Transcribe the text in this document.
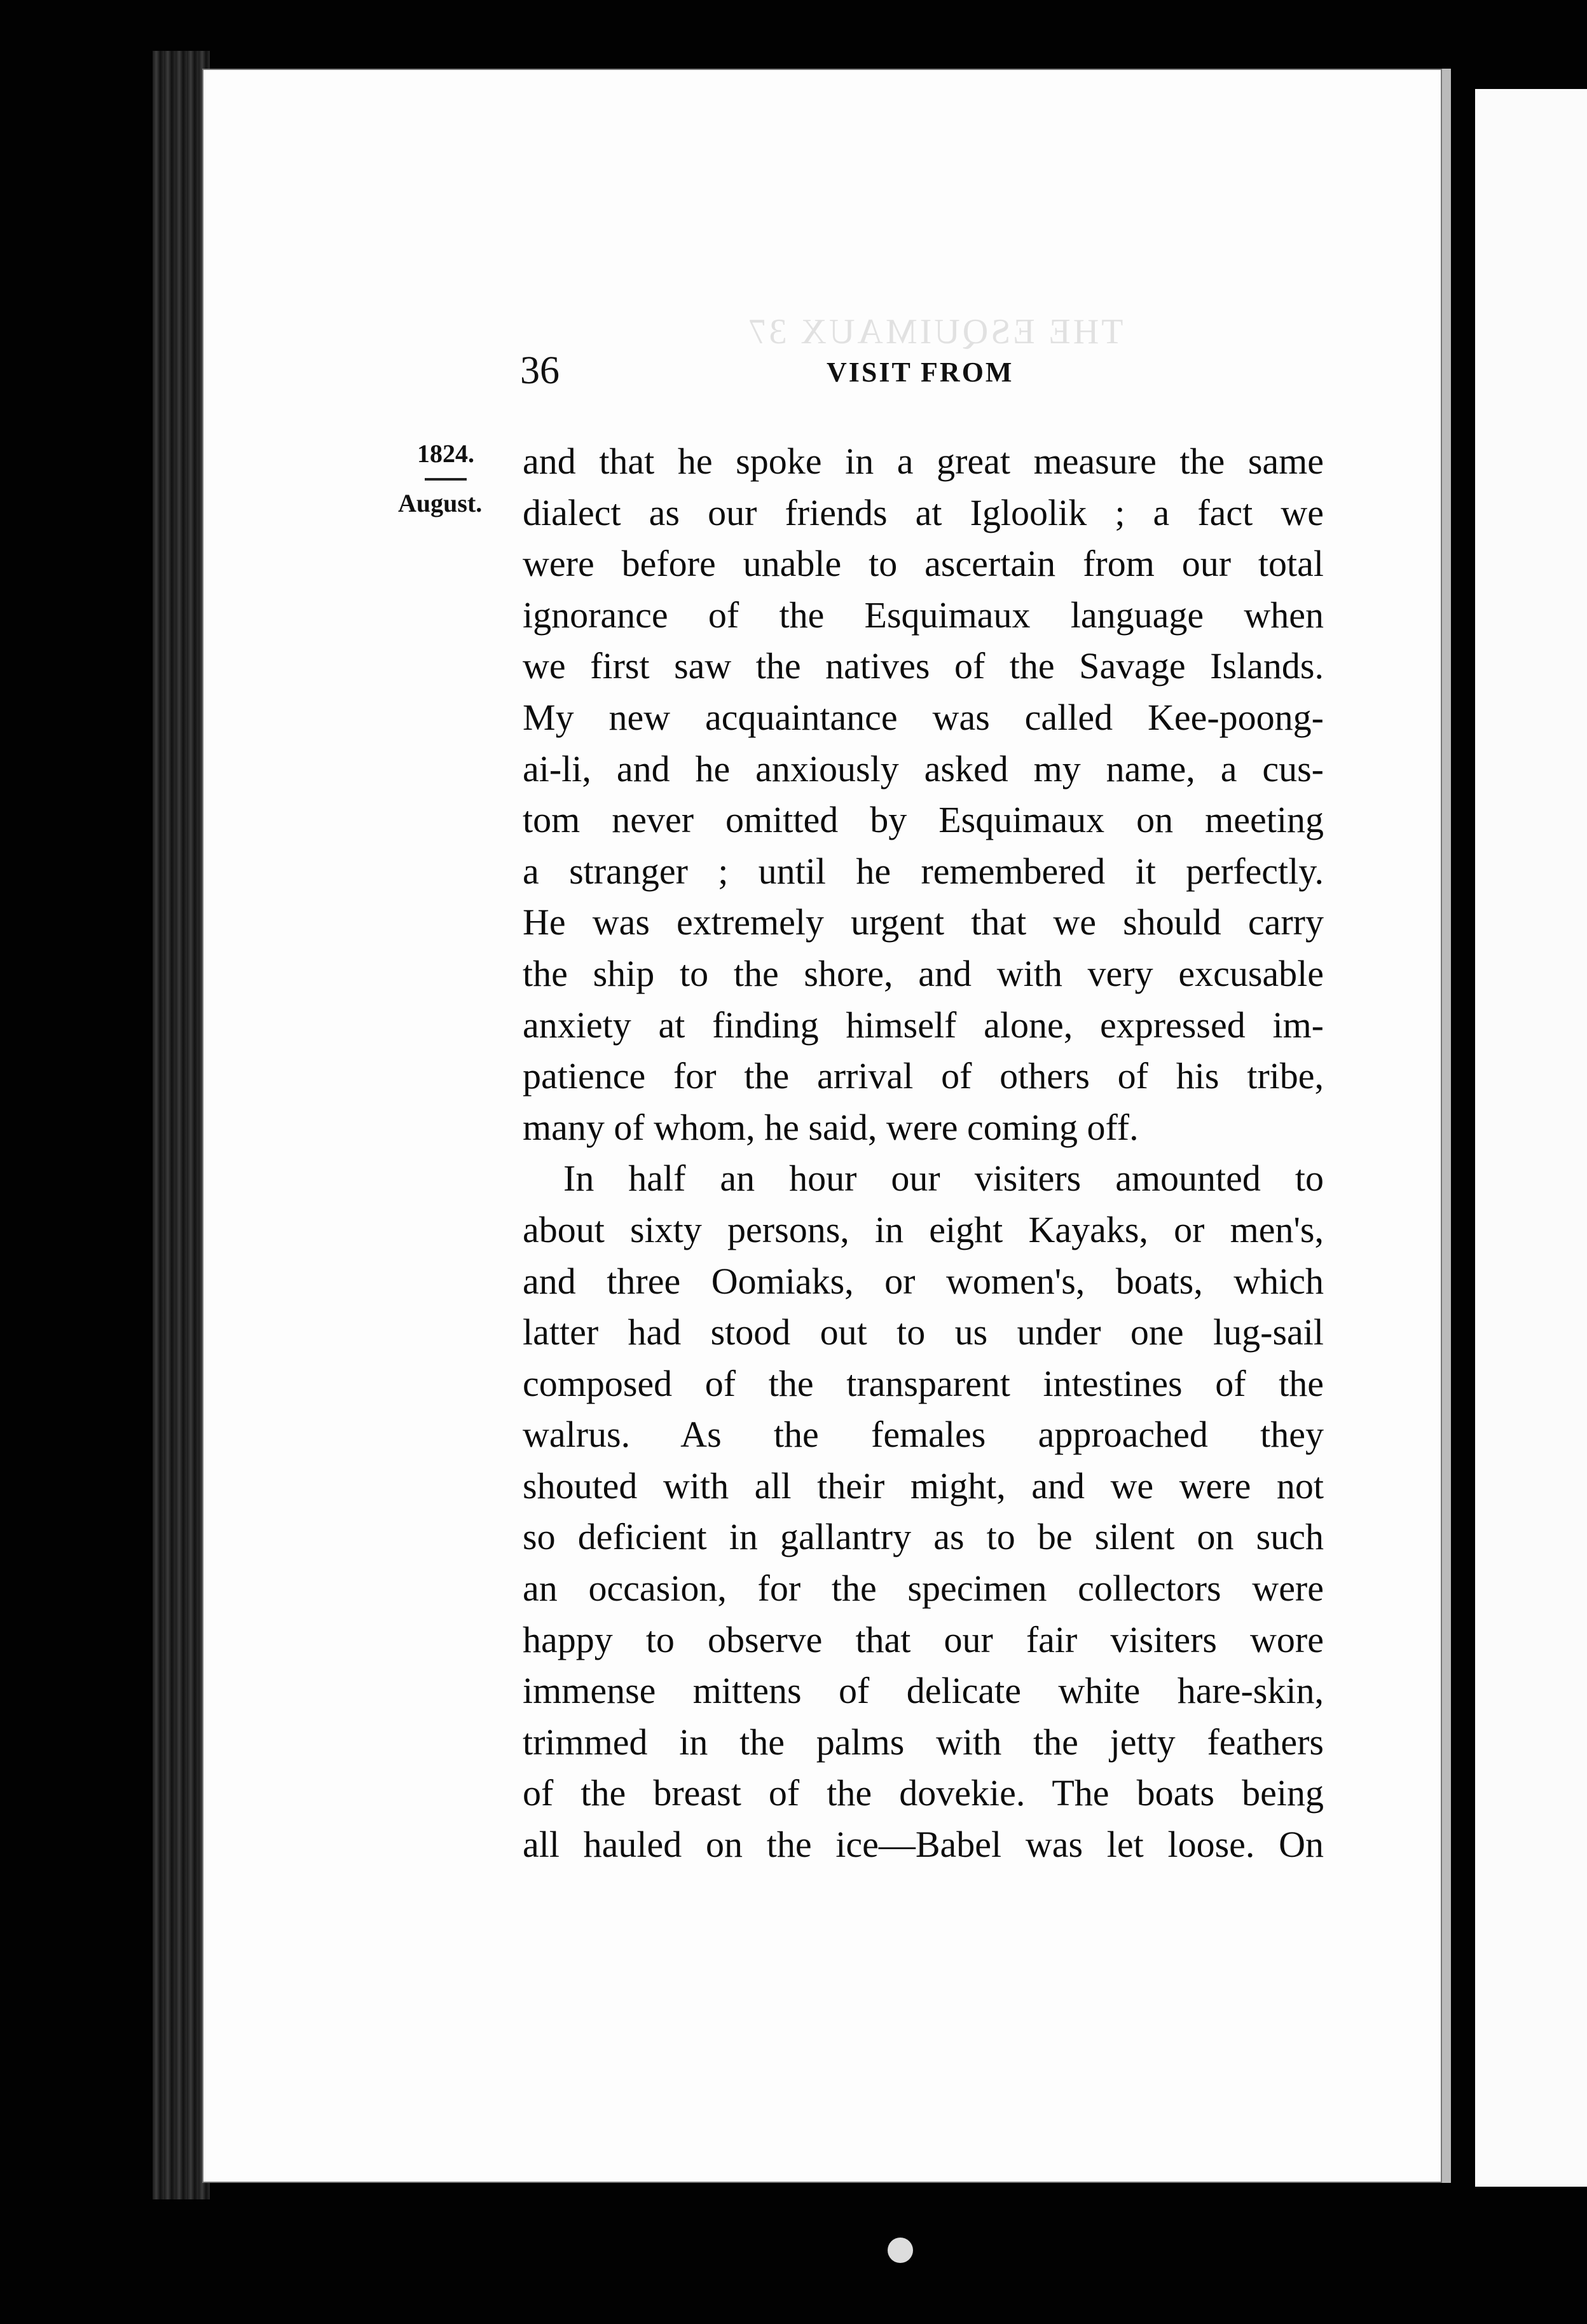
THE ESQUIMAUX 37
36	VISIT FROM
1824.
August.
and that he spoke in a great measure the same
dialect as our friends at Igloolik ; a fact we
were before unable to ascertain from our total
ignorance of the Esquimaux language when
we first saw the natives of the Savage Islands.
My new acquaintance was called Kee-poong-
ai-li, and he anxiously asked my name, a cus-
tom never omitted by Esquimaux on meeting
a stranger ; until he remembered it perfectly.
He was extremely urgent that we should carry
the ship to the shore, and with very excusable
anxiety at finding himself alone, expressed im-
patience for the arrival of others of his tribe,
many of whom, he said, were coming off.
In half an hour our visiters amounted to
about sixty persons, in eight Kayaks, or men's,
and three Oomiaks, or women's, boats, which
latter had stood out to us under one lug-sail
composed of the transparent intestines of the
walrus. As the females approached they
shouted with all their might, and we were not
so deficient in gallantry as to be silent on such
an occasion, for the specimen collectors were
happy to observe that our fair visiters wore
immense mittens of delicate white hare-skin,
trimmed in the palms with the jetty feathers
of the breast of the dovekie. The boats being
all hauled on the ice—Babel was let loose. On
